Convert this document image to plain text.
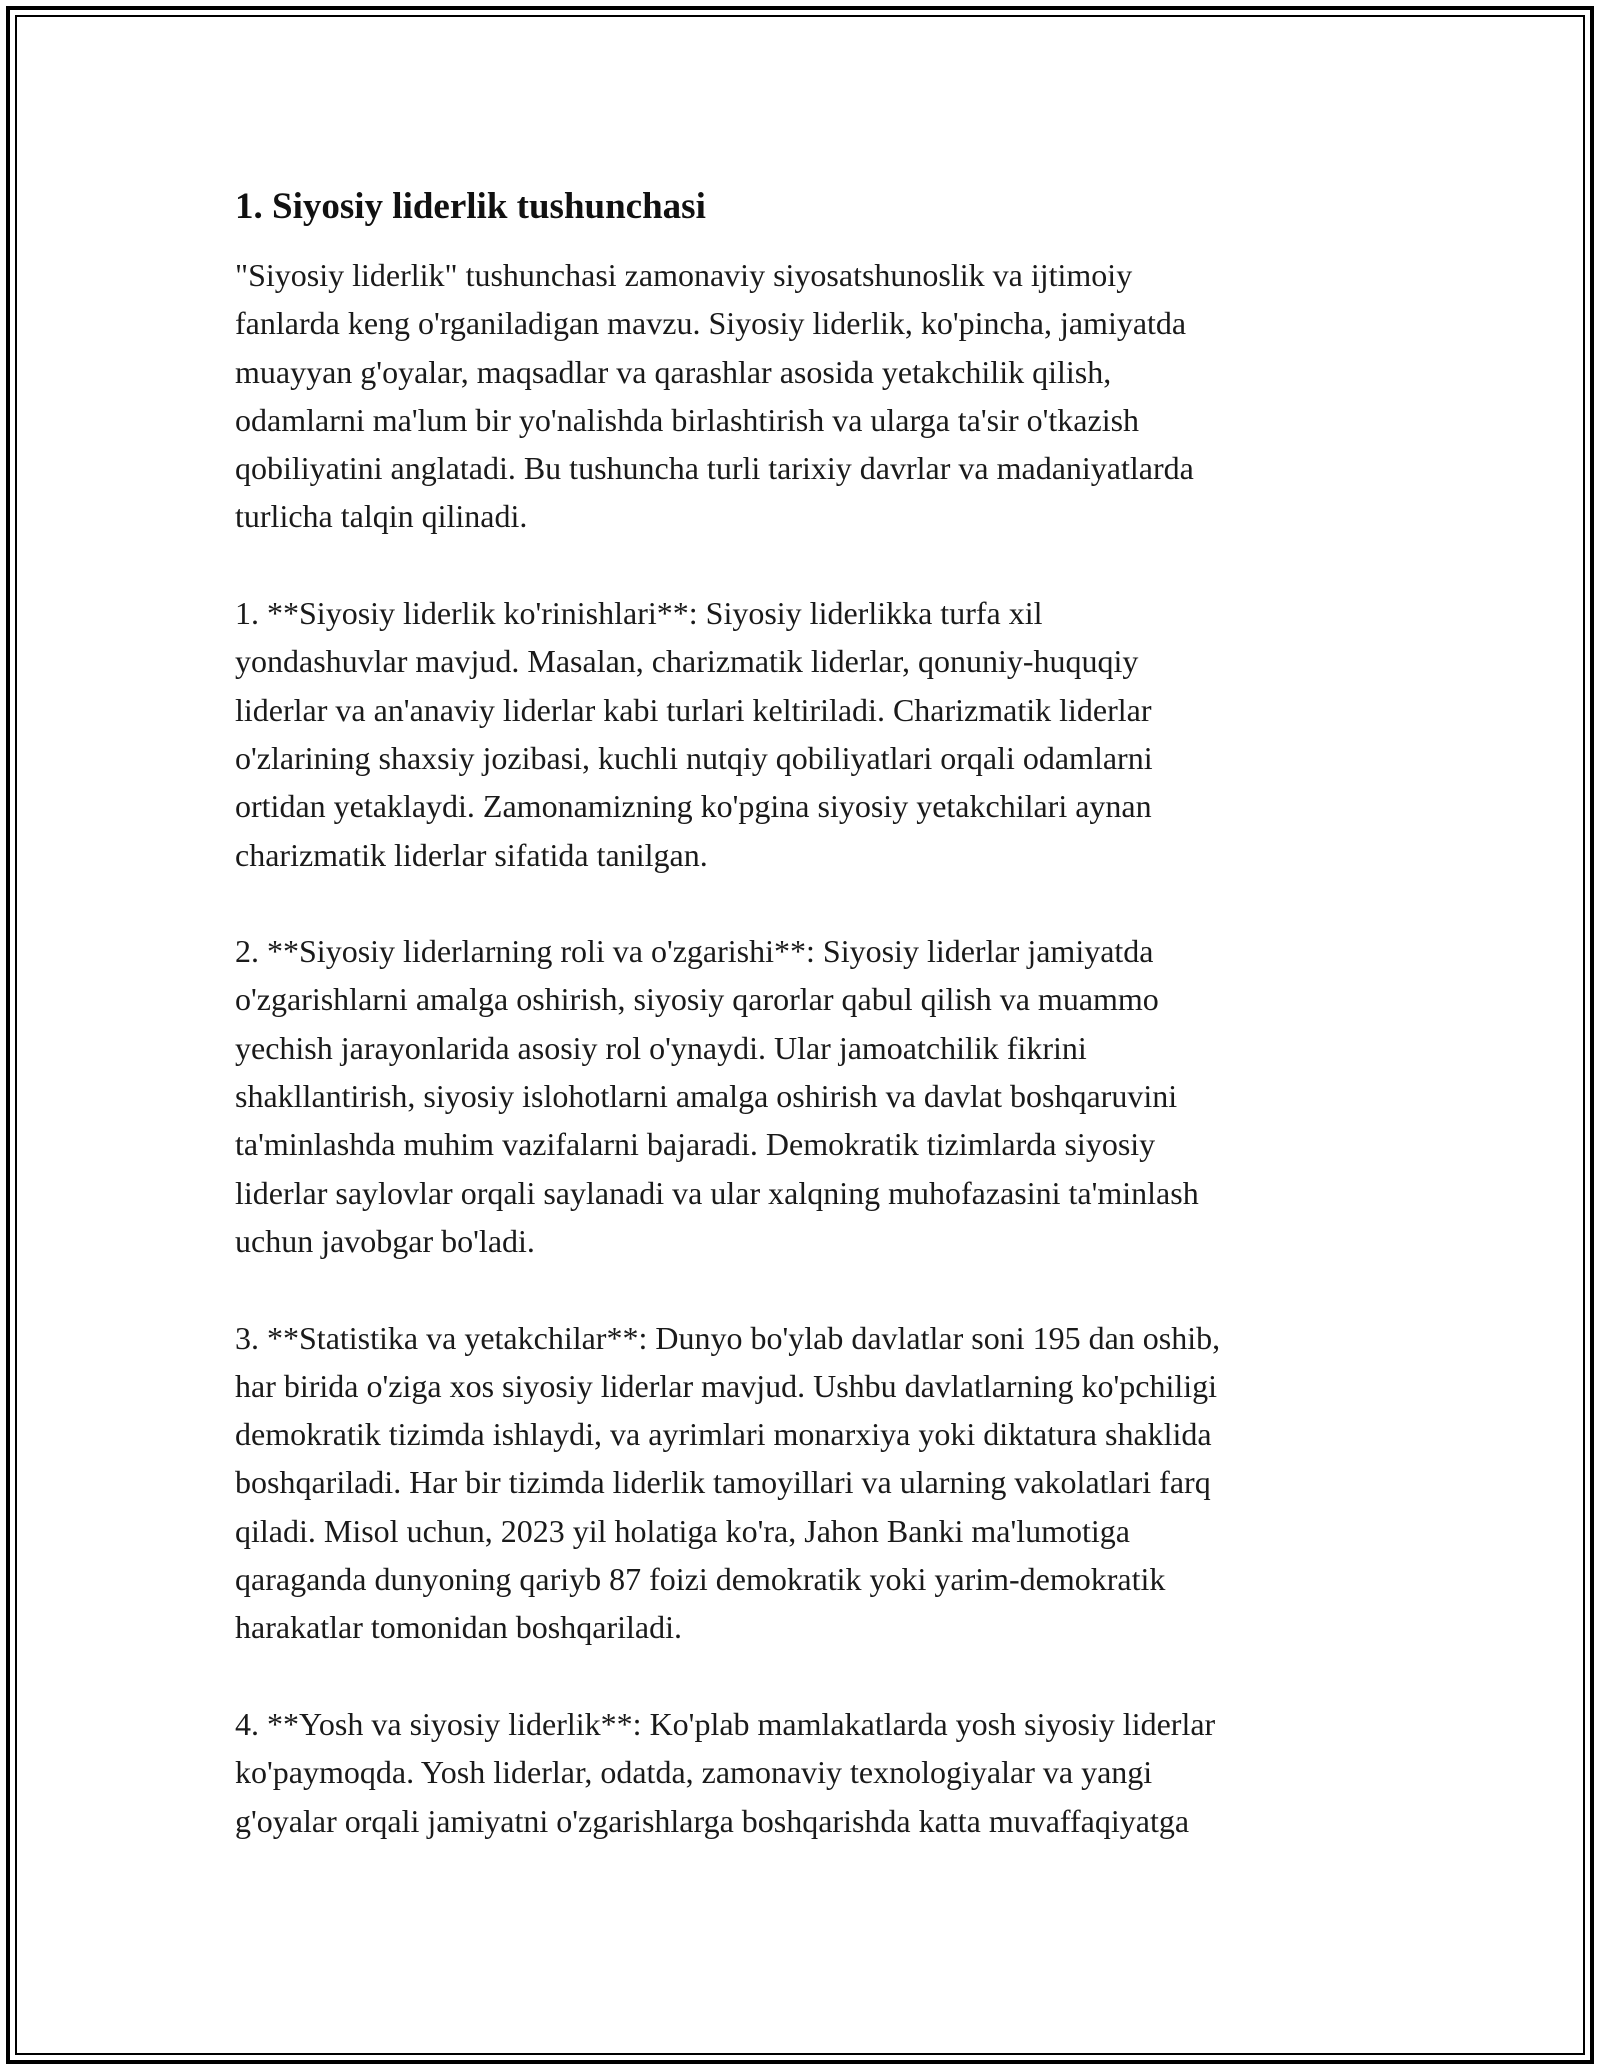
1. Siyosiy liderlik tushunchasi

"Siyosiy liderlik" tushunchasi zamonaviy siyosatshunoslik va ijtimoiy
fanlarda keng o'rganiladigan mavzu. Siyosiy liderlik, ko'pincha, jamiyatda
muayyan g'oyalar, maqsadlar va qarashlar asosida yetakchilik qilish,
odamlarni ma'lum bir yo'nalishda birlashtirish va ularga ta'sir o'tkazish
qobiliyatini anglatadi. Bu tushuncha turli tarixiy davrlar va madaniyatlarda
turlicha talqin qilinadi.

1. **Siyosiy liderlik ko'rinishlari**: Siyosiy liderlikka turfa xil
yondashuvlar mavjud. Masalan, charizmatik liderlar, qonuniy-huquqiy
liderlar va an'anaviy liderlar kabi turlari keltiriladi. Charizmatik liderlar
o'zlarining shaxsiy jozibasi, kuchli nutqiy qobiliyatlari orqali odamlarni
ortidan yetaklaydi. Zamonamizning ko'pgina siyosiy yetakchilari aynan
charizmatik liderlar sifatida tanilgan.

2. **Siyosiy liderlarning roli va o'zgarishi**: Siyosiy liderlar jamiyatda
o'zgarishlarni amalga oshirish, siyosiy qarorlar qabul qilish va muammo
yechish jarayonlarida asosiy rol o'ynaydi. Ular jamoatchilik fikrini
shakllantirish, siyosiy islohotlarni amalga oshirish va davlat boshqaruvini
ta'minlashda muhim vazifalarni bajaradi. Demokratik tizimlarda siyosiy
liderlar saylovlar orqali saylanadi va ular xalqning muhofazasini ta'minlash
uchun javobgar bo'ladi.

3. **Statistika va yetakchilar**: Dunyo bo'ylab davlatlar soni 195 dan oshib,
har birida o'ziga xos siyosiy liderlar mavjud. Ushbu davlatlarning ko'pchiligi
demokratik tizimda ishlaydi, va ayrimlari monarxiya yoki diktatura shaklida
boshqariladi. Har bir tizimda liderlik tamoyillari va ularning vakolatlari farq
qiladi. Misol uchun, 2023 yil holatiga ko'ra, Jahon Banki ma'lumotiga
qaraganda dunyoning qariyb 87 foizi demokratik yoki yarim-demokratik
harakatlar tomonidan boshqariladi.

4. **Yosh va siyosiy liderlik**: Ko'plab mamlakatlarda yosh siyosiy liderlar
ko'paymoqda. Yosh liderlar, odatda, zamonaviy texnologiyalar va yangi
g'oyalar orqali jamiyatni o'zgarishlarga boshqarishda katta muvaffaqiyatga
